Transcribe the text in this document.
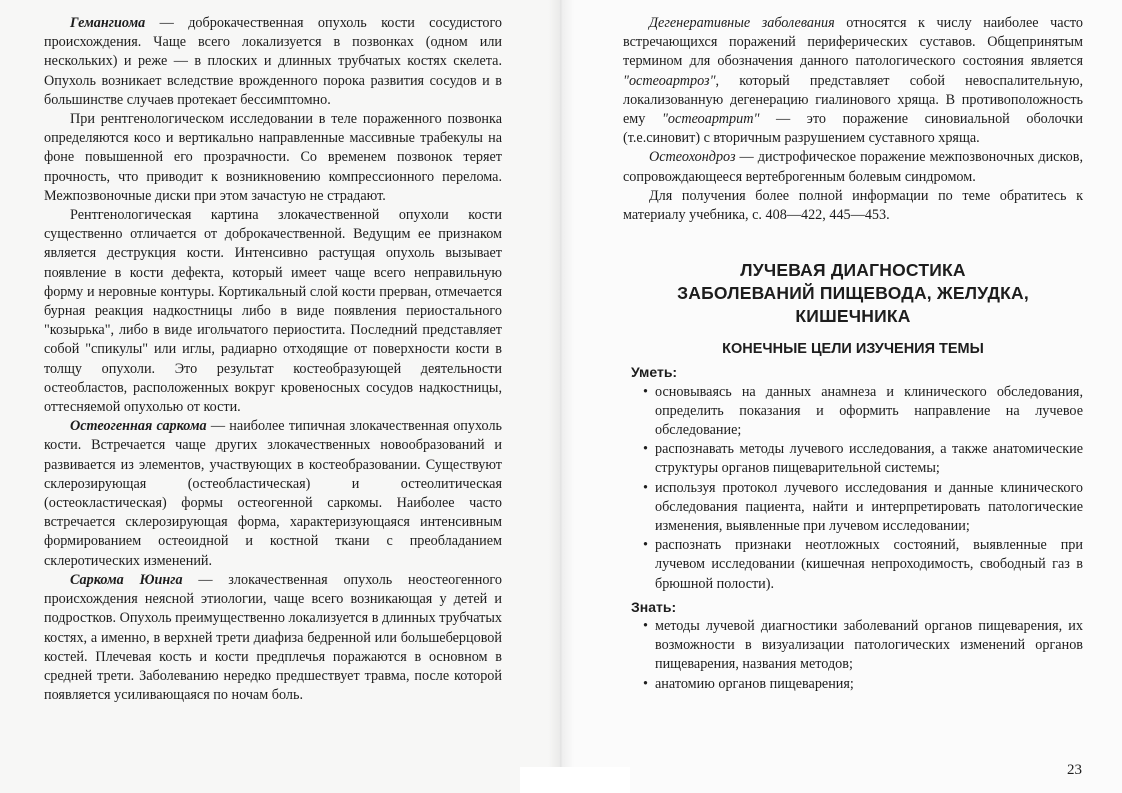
Гемангиома — доброкачественная опухоль кости сосудистого происхождения. Чаще всего локализуется в позвонках (одном или нескольких) и реже — в плоских и длинных трубчатых костях скелета. Опухоль возникает вследствие врожденного порока развития сосудов и в большинстве случаев протекает бессимптомно.

При рентгенологическом исследовании в теле пораженного позвонка определяются косо и вертикально направленные массивные трабекулы на фоне повышенной его прозрачности. Со временем позвонок теряет прочность, что приводит к возникновению компрессионного перелома. Межпозвоночные диски при этом зачастую не страдают.

Рентгенологическая картина злокачественной опухоли кости существенно отличается от доброкачественной. Ведущим ее признаком является деструкция кости. Интенсивно растущая опухоль вызывает появление в кости дефекта, который имеет чаще всего неправильную форму и неровные контуры. Кортикальный слой кости прерван, отмечается бурная реакция надкостницы либо в виде появления периостального "козырька", либо в виде игольчатого периостита. Последний представляет собой "спикулы" или иглы, радиарно отходящие от поверхности кости в толщу опухоли. Это результат костеобразующей деятельности остеобластов, расположенных вокруг кровеносных сосудов надкостницы, оттесняемой опухолью от кости.

Остеогенная саркома — наиболее типичная злокачественная опухоль кости. Встречается чаще других злокачественных новообразований и развивается из элементов, участвующих в костеобразовании. Существуют склерозирующая (остеобластическая) и остеолитическая (остеокластическая) формы остеогенной саркомы. Наиболее часто встречается склерозирующая форма, характеризующаяся интенсивным формированием остеоидной и костной ткани с преобладанием склеротических изменений.

Саркома Юинга — злокачественная опухоль неостеогенного происхождения неясной этиологии, чаще всего возникающая у детей и подростков. Опухоль преимущественно локализуется в длинных трубчатых костях, а именно, в верхней трети диафиза бедренной или большеберцовой костей. Плечевая кость и кости предплечья поражаются в основном в средней трети. Заболеванию нередко предшествует травма, после которой появляется усиливающаяся по ночам боль.

Дегенеративные заболевания относятся к числу наиболее часто встречающихся поражений периферических суставов. Общепринятым термином для обозначения данного патологического состояния является "остеоартроз", который представляет собой невоспалительную, локализованную дегенерацию гиалинового хряща. В противоположность ему "остеоартрит" — это поражение синовиальной оболочки (т.е.синовит) с вторичным разрушением суставного хряща.

Остеохондроз — дистрофическое поражение межпозвоночных дисков, сопровождающееся вертеброгенным болевым синдромом.

Для получения более полной информации по теме обратитесь к материалу учебника, с. 408—422, 445—453.

ЛУЧЕВАЯ ДИАГНОСТИКА
ЗАБОЛЕВАНИЙ ПИЩЕВОДА, ЖЕЛУДКА,
КИШЕЧНИКА
КОНЕЧНЫЕ ЦЕЛИ ИЗУЧЕНИЯ ТЕМЫ
Уметь:
• основываясь на данных анамнеза и клинического обследования, определить показания и оформить направление на лучевое обследование;
• распознавать методы лучевого исследования, а также анатомические структуры органов пищеварительной системы;
• используя протокол лучевого исследования и данные клинического обследования пациента, найти и интерпретировать патологические изменения, выявленные при лучевом исследовании;
• распознать признаки неотложных состояний, выявленные при лучевом исследовании (кишечная непроходимость, свободный газ в брюшной полости).
Знать:
• методы лучевой диагностики заболеваний органов пищеварения, их возможности в визуализации патологических изменений органов пищеварения, названия методов;
• анатомию органов пищеварения;
23
